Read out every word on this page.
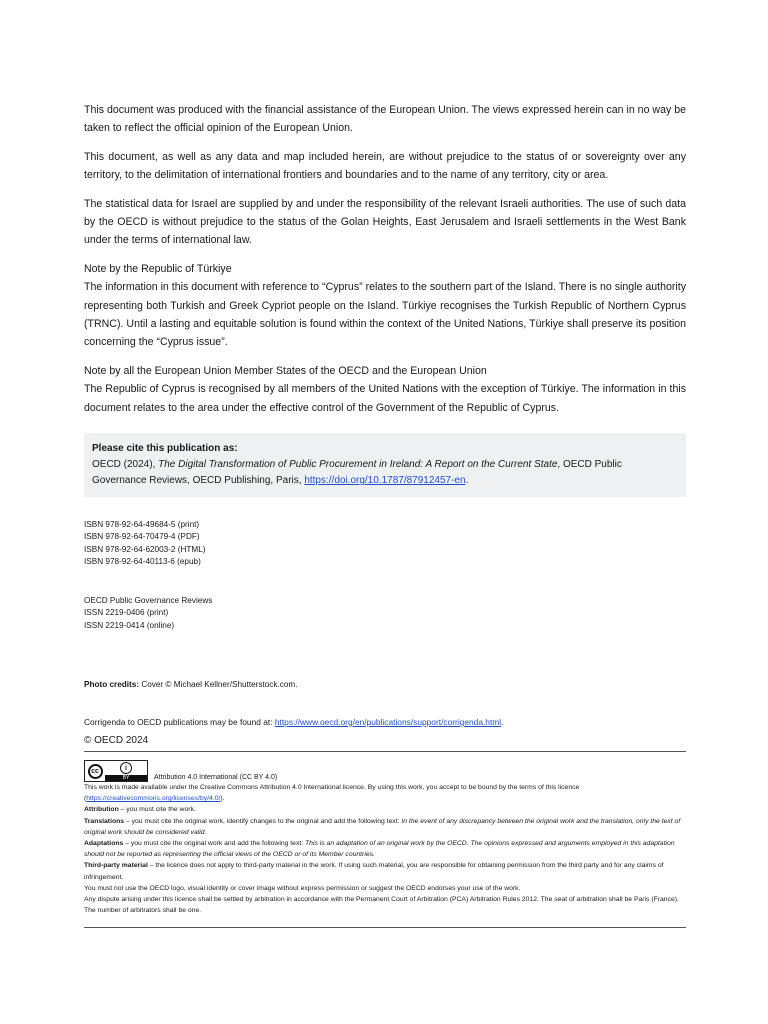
This document was produced with the financial assistance of the European Union. The views expressed herein can in no way be taken to reflect the official opinion of the European Union.
This document, as well as any data and map included herein, are without prejudice to the status of or sovereignty over any territory, to the delimitation of international frontiers and boundaries and to the name of any territory, city or area.
The statistical data for Israel are supplied by and under the responsibility of the relevant Israeli authorities. The use of such data by the OECD is without prejudice to the status of the Golan Heights, East Jerusalem and Israeli settlements in the West Bank under the terms of international law.

Note by the Republic of Türkiye

The information in this document with reference to “Cyprus” relates to the southern part of the Island. There is no single authority representing both Turkish and Greek Cypriot people on the Island. Türkiye recognises the Turkish Republic of Northern Cyprus (TRNC). Until a lasting and equitable solution is found within the context of the United Nations, Türkiye shall preserve its position concerning the “Cyprus issue”.

Note by all the European Union Member States of the OECD and the European Union

The Republic of Cyprus is recognised by all members of the United Nations with the exception of Türkiye. The information in this document relates to the area under the effective control of the Government of the Republic of Cyprus.

Please cite this publication as:
OECD (2024), The Digital Transformation of Public Procurement in Ireland: A Report on the Current State, OECD Public Governance Reviews, OECD Publishing, Paris, https://doi.org/10.1787/87912457-en.
ISBN 978-92-64-49684-5 (print)
ISBN 978-92-64-70479-4 (PDF)
ISBN 978-92-64-62003-2 (HTML)
ISBN 978-92-64-40113-6 (epub)
OECD Public Governance Reviews
ISSN 2219-0406 (print)
ISSN 2219-0414 (online)
Photo credits: Cover © Michael Kellner/Shutterstock.com.
Corrigenda to OECD publications may be found at: https://www.oecd.org/en/publications/support/corrigenda.html.
© OECD 2024
cc	i
BY	Attribution 4.0 International (CC BY 4.0)

This work is made available under the Creative Commons Attribution 4.0 International licence. By using this work, you accept to be bound by the terms of this licence
(https://creativecommons.org/licenses/by/4.0/).

Attribution – you must cite the work.

Translations – you must cite the original work, identify changes to the original and add the following text: In the event of any discrepancy between the original work and the translation, only the text of original work should be considered valid.

Adaptations – you must cite the original work and add the following text: This is an adaptation of an original work by the OECD. The opinions expressed and arguments employed in this adaptation should not be reported as representing the official views of the OECD or of its Member countries.

Third-party material – the licence does not apply to third-party material in the work. If using such material, you are responsible for obtaining permission from the third party and for any claims of infringement.

You must not use the OECD logo, visual identity or cover image without express permission or suggest the OECD endorses your use of the work.

Any dispute arising under this licence shall be settled by arbitration in accordance with the Permanent Court of Arbitration (PCA) Arbitration Rules 2012. The seat of arbitration shall be Paris (France). The number of arbitrators shall be one.
